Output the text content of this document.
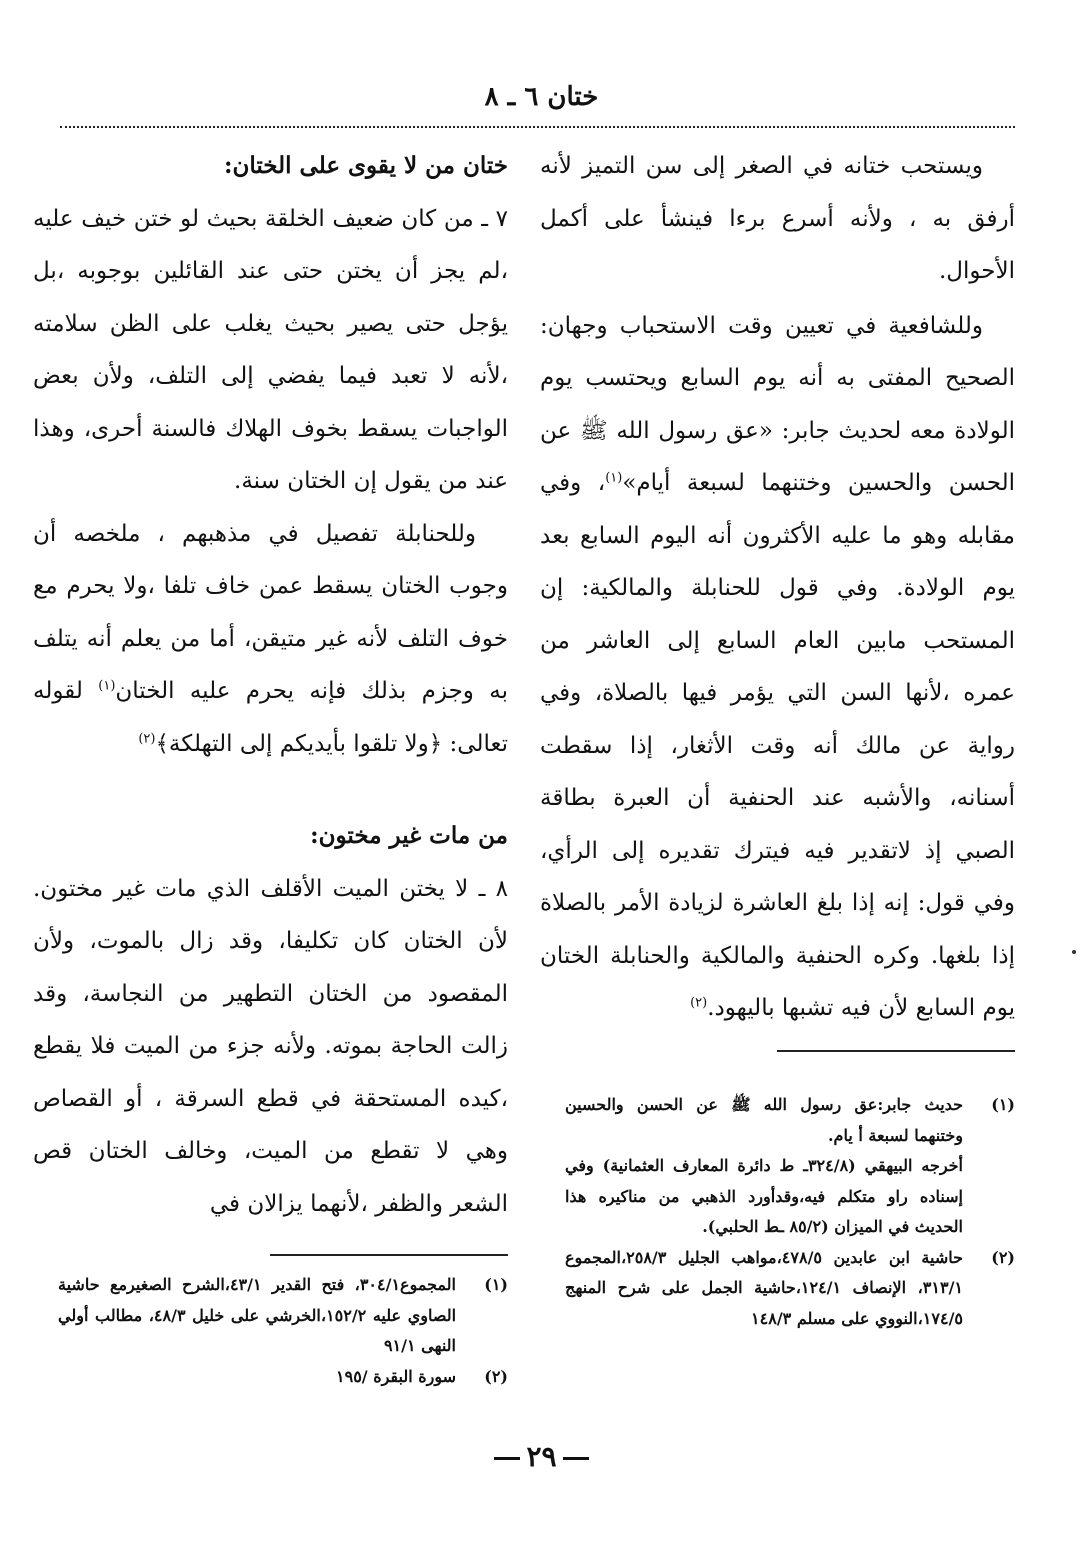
ختان ٦ ـ ٨

ويستحب ختانه في الصغر إلى سن التميز لأنه أرفق به ، ولأنه أسرع برءا فينشأ على أكمل الأحوال.

وللشافعية في تعيين وقت الاستحباب وجهان: الصحيح المفتى به أنه يوم السابع ويحتسب يوم الولادة معه لحديث جابر: «عق رسول الله ﷺ عن الحسن والحسين وختنهما لسبعة أيام»$^{(١)}$، وفي مقابله وهو ما عليه الأكثرون أنه اليوم السابع بعد يوم الولادة. وفي قول للحنابلة والمالكية: إن المستحب مابين العام السابع إلى العاشر من عمره ،لأنها السن التي يؤمر فيها بالصلاة، وفي رواية عن مالك أنه وقت الأثغار، إذا سقطت أسنانه، والأشبه عند الحنفية أن العبرة بطاقة الصبي إذ لاتقدير فيه فيترك تقديره إلى الرأي، وفي قول: إنه إذا بلغ العاشرة لزيادة الأمر بالصلاة إذا بلغها. وكره الحنفية والمالكية والحنابلة الختان يوم السابع لأن فيه تشبها باليهود.$^{(٢)}$

ختان من لا يقوى على الختان:

٧ ـ من كان ضعيف الخلقة بحيث لو ختن خيف عليه ،لم يجز أن يختن حتى عند القائلين بوجوبه ،بل يؤجل حتى يصير بحيث يغلب على الظن سلامته ،لأنه لا تعبد فيما يفضي إلى التلف، ولأن بعض الواجبات يسقط بخوف الهلاك فالسنة أحرى، وهذا عند من يقول إن الختان سنة.

وللحنابلة تفصيل في مذهبهم ، ملخصه أن وجوب الختان يسقط عمن خاف تلفا ،ولا يحرم مع خوف التلف لأنه غير متيقن، أما من يعلم أنه يتلف به وجزم بذلك فإنه يحرم عليه الختان$^{(١)}$ لقوله تعالى: ﴿ولا تلقوا بأيديكم إلى التهلكة﴾$^{(٢)}$

من مات غير مختون:

٨ ـ لا يختن الميت الأقلف الذي مات غير مختون. لأن الختان كان تكليفا، وقد زال بالموت، ولأن المقصود من الختان التطهير من النجاسة، وقد زالت الحاجة بموته. ولأنه جزء من الميت فلا يقطع ،كيده المستحقة في قطع السرقة ، أو القصاص وهي لا تقطع من الميت، وخالف الختان قص الشعر والظفر ،لأنهما يزالان في

(١)
حديث جابر:عق رسول الله ﷺ عن الحسن والحسين وختنهما لسبعة أ يام.
أخرجه البيهقي (٣٢٤/٨ـ ط دائرة المعارف العثمانية) وفي إسناده راو متكلم فيه،وقدأورد الذهبي من مناكيره هذا الحديث في الميزان (٨٥/٢ ـط الحلبي).
(٢)
حاشية ابن عابدين ٤٧٨/٥،مواهب الجليل ٢٥٨/٣،المجموع ٣١٣/١، الإنصاف ١٢٤/١،حاشية الجمل على شرح المنهج ١٧٤/٥،النووي على مسلم ١٤٨/٣
(١)
المجموع٣٠٤/١، فتح القدير ٤٣/١،الشرح الصغيرمع حاشية الصاوي عليه ١٥٢/٢،الخرشي على خليل ٤٨/٣، مطالب أولي النهى ٩١/١
(٢)
سورة البقرة /١٩٥
٢٩
